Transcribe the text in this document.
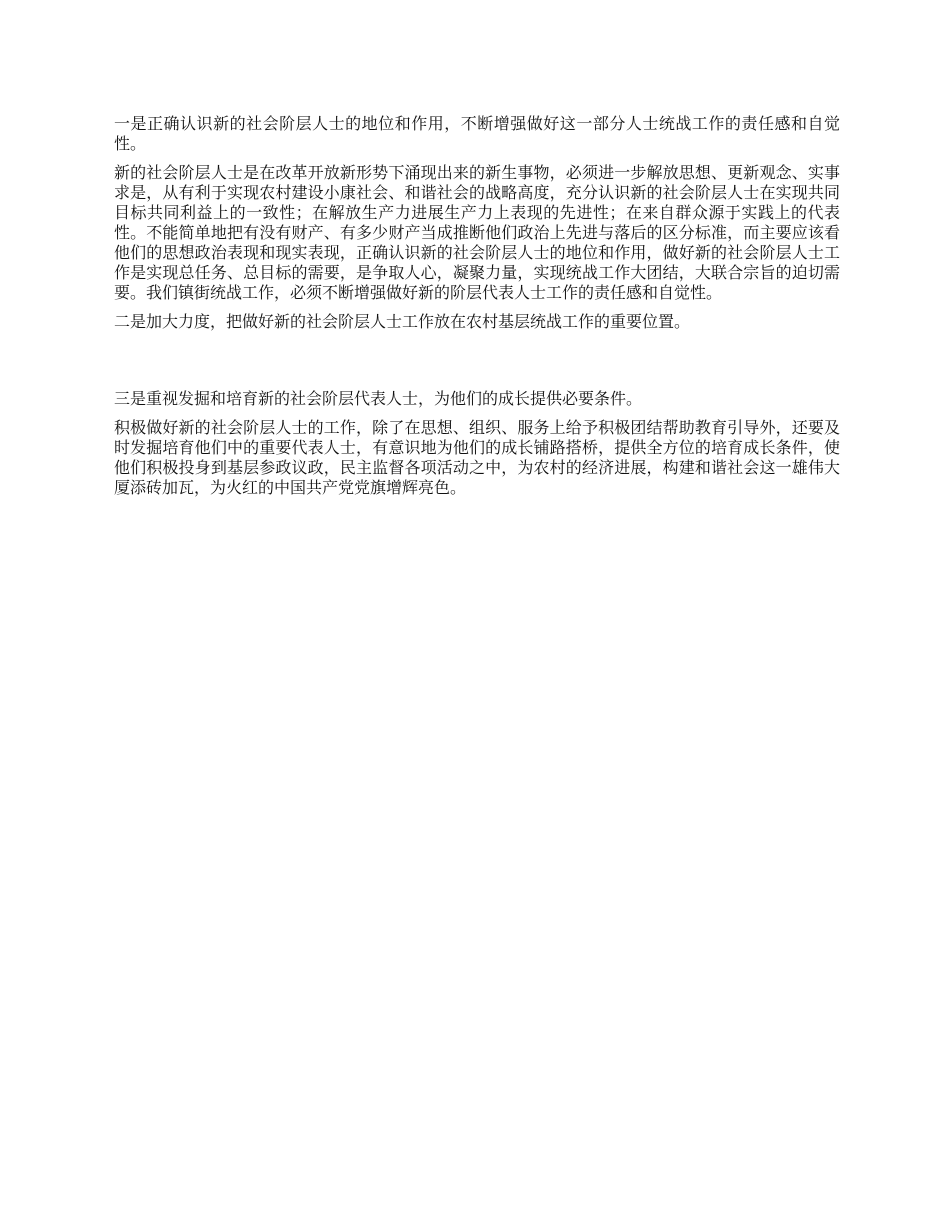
一是正确认识新的社会阶层人士的地位和作用，不断增强做好这一部分人士统战工作的责任感和自觉性。

新的社会阶层人士是在改革开放新形势下涌现出来的新生事物，必须进一步解放思想、更新观念、实事求是，从有利于实现农村建设小康社会、和谐社会的战略高度，充分认识新的社会阶层人士在实现共同目标共同利益上的一致性；在解放生产力进展生产力上表现的先进性；在来自群众源于实践上的代表性。不能简单地把有没有财产、有多少财产当成推断他们政治上先进与落后的区分标准，而主要应该看他们的思想政治表现和现实表现，正确认识新的社会阶层人士的地位和作用，做好新的社会阶层人士工作是实现总任务、总目标的需要，是争取人心，凝聚力量，实现统战工作大团结，大联合宗旨的迫切需要。我们镇街统战工作，必须不断增强做好新的阶层代表人士工作的责任感和自觉性。

二是加大力度，把做好新的社会阶层人士工作放在农村基层统战工作的重要位置。

三是重视发掘和培育新的社会阶层代表人士，为他们的成长提供必要条件。

积极做好新的社会阶层人士的工作，除了在思想、组织、服务上给予积极团结帮助教育引导外，还要及时发掘培育他们中的重要代表人士，有意识地为他们的成长铺路搭桥，提供全方位的培育成长条件，使他们积极投身到基层参政议政，民主监督各项活动之中，为农村的经济进展，构建和谐社会这一雄伟大厦添砖加瓦，为火红的中国共产党党旗增辉亮色。
